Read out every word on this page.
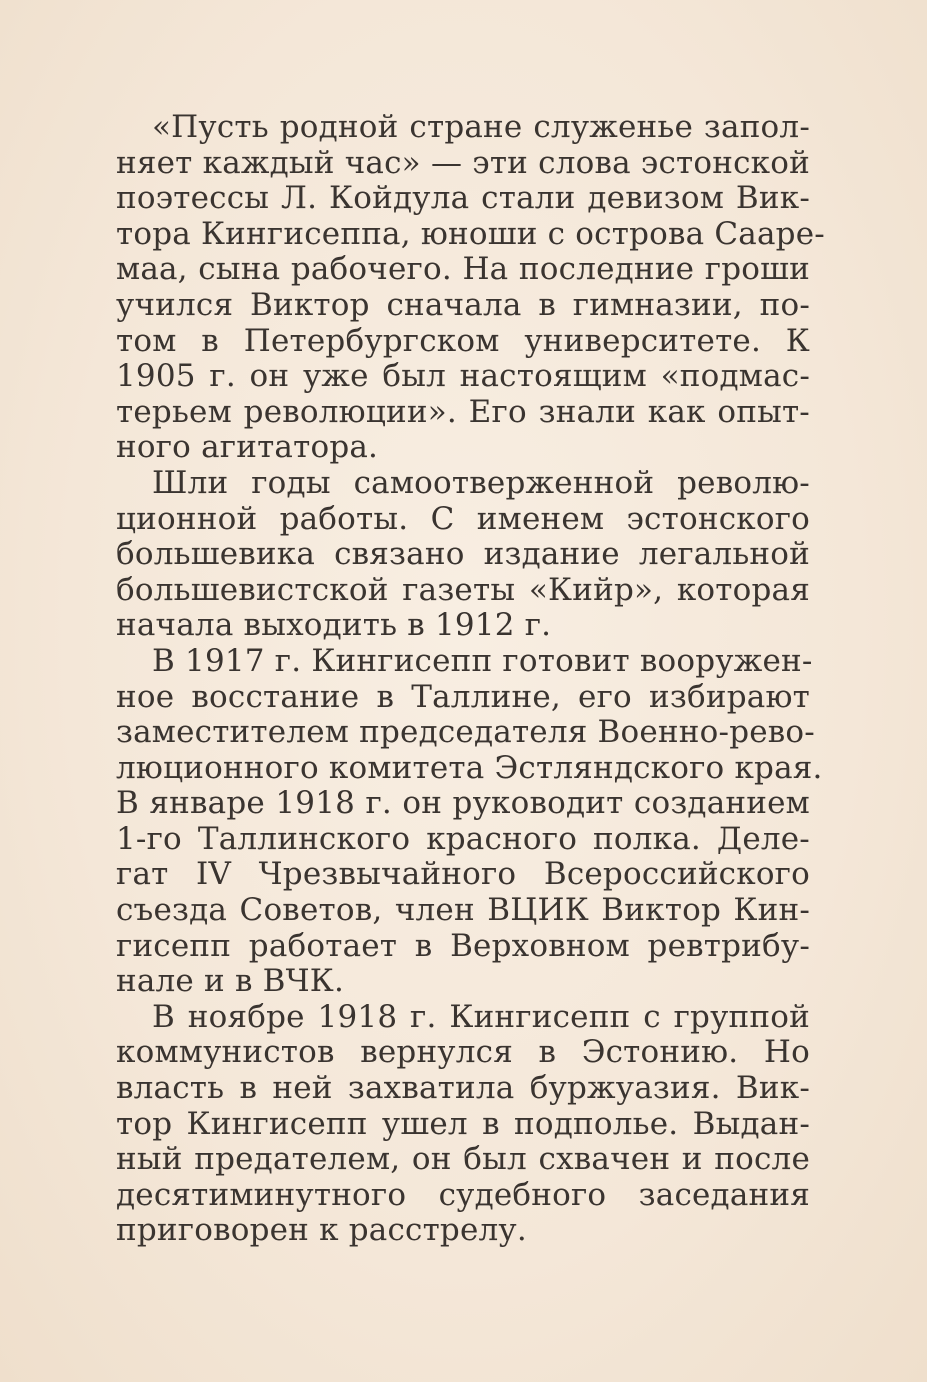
«Пусть родной стране служенье запол-
няет каждый час» — эти слова эстонской
поэтессы Л. Койдула стали девизом Вик-
тора Кингисеппа, юноши с острова Сааре-
маа, сына рабочего. На последние гроши
учился Виктор сначала в гимназии, по-
том в Петербургском университете. К
1905 г. он уже был настоящим «подмас-
терьем революции». Его знали как опыт-
ного агитатора.
Шли годы самоотверженной револю-
ционной работы. С именем эстонского
большевика связано издание легальной
большевистской газеты «Кийр», которая
начала выходить в 1912 г.
В 1917 г. Кингисепп готовит вооружен-
ное восстание в Таллине, его избирают
заместителем председателя Военно-рево-
люционного комитета Эстляндского края.
В январе 1918 г. он руководит созданием
1-го Таллинского красного полка. Деле-
гат IV Чрезвычайного Всероссийского
съезда Советов, член ВЦИК Виктор Кин-
гисепп работает в Верховном ревтрибу-
нале и в ВЧК.
В ноябре 1918 г. Кингисепп с группой
коммунистов вернулся в Эстонию. Но
власть в ней захватила буржуазия. Вик-
тор Кингисепп ушел в подполье. Выдан-
ный предателем, он был схвачен и после
десятиминутного судебного заседания
приговорен к расстрелу.
